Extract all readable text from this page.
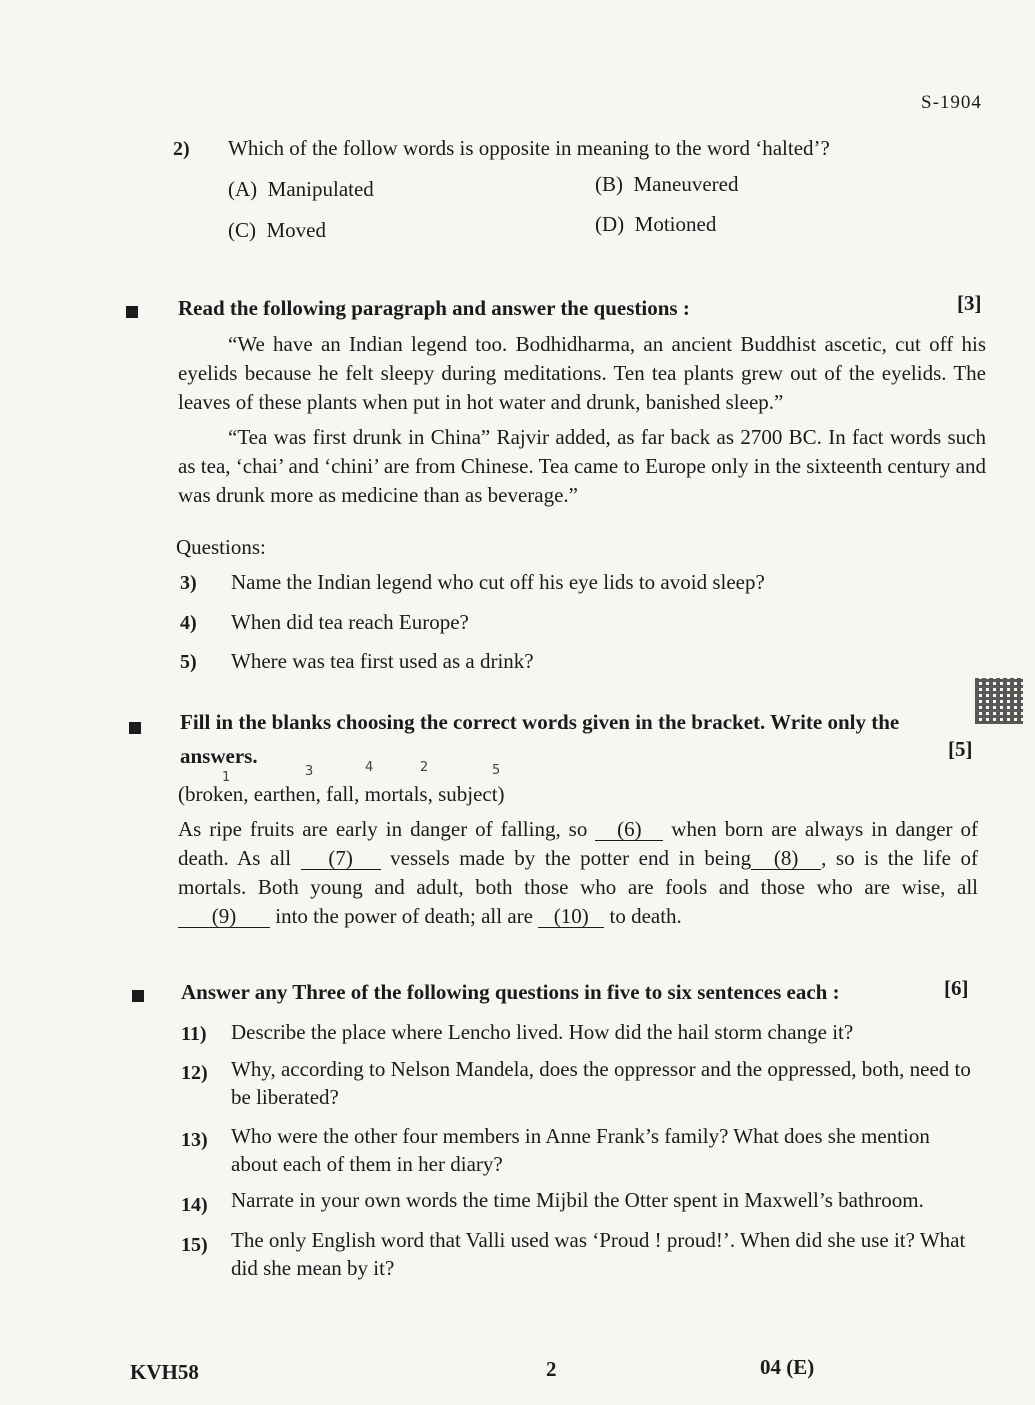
S-1904
2) Which of the follow words is opposite in meaning to the word ‘halted’?
(A) Manipulated	(B) Maneuvered
(C) Moved	(D) Motioned
Read the following paragraph and answer the questions :	[3]

“We have an Indian legend too. Bodhidharma, an ancient Buddhist ascetic, cut off his eyelids because he felt sleepy during meditations. Ten tea plants grew out of the eyelids. The leaves of these plants when put in hot water and drunk, banished sleep.”

“Tea was first drunk in China” Rajvir added, as far back as 2700 BC. In fact words such as tea, ‘chai’ and ‘chini’ are from Chinese. Tea came to Europe only in the sixteenth century and was drunk more as medicine than as beverage.”

Questions:
3) Name the Indian legend who cut off his eye lids to avoid sleep?
4) When did tea reach Europe?
5) Where was tea first used as a drink?
Fill in the blanks choosing the correct words given in the bracket. Write only the
answers.	[5]
1	3	4	2	5
(broken, earthen, fall, mortals, subject)
As ripe fruits are early in danger of falling, so (6) when born are always in danger of death. As all (7) vessels made by the potter end in being (8) , so is the life of mortals. Both young and adult, both those who are fools and those who are wise, all (9) into the power of death; all are (10) to death.
Answer any Three of the following questions in five to six sentences each :	[6]
11) Describe the place where Lencho lived. How did the hail storm change it?
12) Why, according to Nelson Mandela, does the oppressor and the oppressed, both, need to be liberated?
13) Who were the other four members in Anne Frank’s family? What does she mention about each of them in her diary?
14) Narrate in your own words the time Mijbil the Otter spent in Maxwell’s bathroom.
15) The only English word that Valli used was ‘Proud ! proud!’. When did she use it? What did she mean by it?
KVH58	2	04 (E)
